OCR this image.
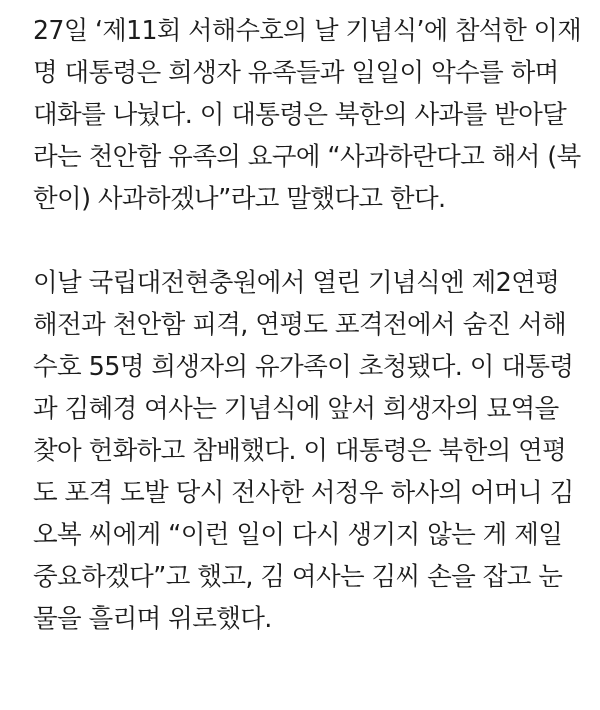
27일 ‘제11회 서해수호의 날 기념식’에 참석한 이재
명 대통령은 희생자 유족들과 일일이 악수를 하며
대화를 나눴다. 이 대통령은 북한의 사과를 받아달
라는 천안함 유족의 요구에 “사과하란다고 해서 (북
한이) 사과하겠나”라고 말했다고 한다.

이날 국립대전현충원에서 열린 기념식엔 제2연평
해전과 천안함 피격, 연평도 포격전에서 숨진 서해
수호 55명 희생자의 유가족이 초청됐다. 이 대통령
과 김혜경 여사는 기념식에 앞서 희생자의 묘역을
찾아 헌화하고 참배했다. 이 대통령은 북한의 연평
도 포격 도발 당시 전사한 서정우 하사의 어머니 김
오복 씨에게 “이런 일이 다시 생기지 않는 게 제일
중요하겠다”고 했고, 김 여사는 김씨 손을 잡고 눈
물을 흘리며 위로했다.
